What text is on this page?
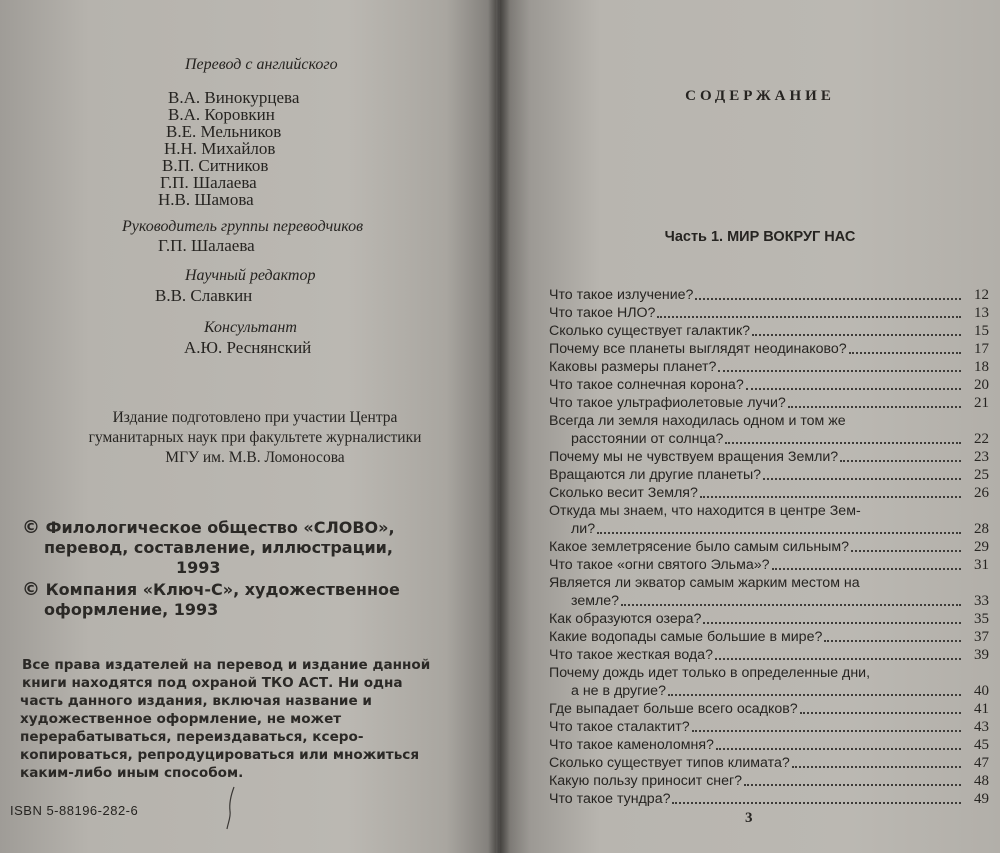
Перевод с английского
В.А. Винокурцева
В.А. Коровкин
В.Е. Мельников
Н.Н. Михайлов
В.П. Ситников
Г.П. Шалаева
Н.В. Шамова
Руководитель группы переводчиков
Г.П. Шалаева
Научный редактор
В.В. Славкин
Консультант
А.Ю. Реснянский
Издание подготовлено при участии Центра
гуманитарных наук при факультете журналистики
МГУ им. М.В. Ломоносова
© Филологическое общество «СЛОВО»,
перевод, составление, иллюстрации,
1993
© Компания «Ключ-С», художественное
оформление, 1993
Все права издателей на перевод и издание данной
книги находятся под охраной ТКО АСТ. Ни одна
часть данного издания, включая название и
художественное оформление, не может
перерабатываться, переиздаваться, ксеро-
копироваться, репродуцироваться или множиться
каким-либо иным способом.
ISBN 5-88196-282-6
СОДЕРЖАНИЕ
Часть 1. МИР ВОКРУГ НАС
Что такое излучение?	12
Что такое НЛО?	13
Сколько существует галактик?	15
Почему все планеты выглядят неодинаково?	17
Каковы размеры планет?	18
Что такое солнечная корона?	20
Что такое ультрафиолетовые лучи?	21
Всегда ли земля находилась одном и том же
расстоянии от солнца?	22
Почему мы не чувствуем вращения Земли?	23
Вращаются ли другие планеты?	25
Сколько весит Земля?	26
Откуда мы знаем, что находится в центре Зем-
ли?	28
Какое землетрясение было самым сильным?	29
Что такое «огни святого Эльма»?	31
Является ли экватор самым жарким местом на
земле?	33
Как образуются озера?	35
Какие водопады самые большие в мире?	37
Что такое жесткая вода?	39
Почему дождь идет только в определенные дни,
а не в другие?	40
Где выпадает больше всего осадков?	41
Что такое сталактит?	43
Что такое каменоломня?	45
Сколько существует типов климата?	47
Какую пользу приносит снег?	48
Что такое тундра?	49
3
